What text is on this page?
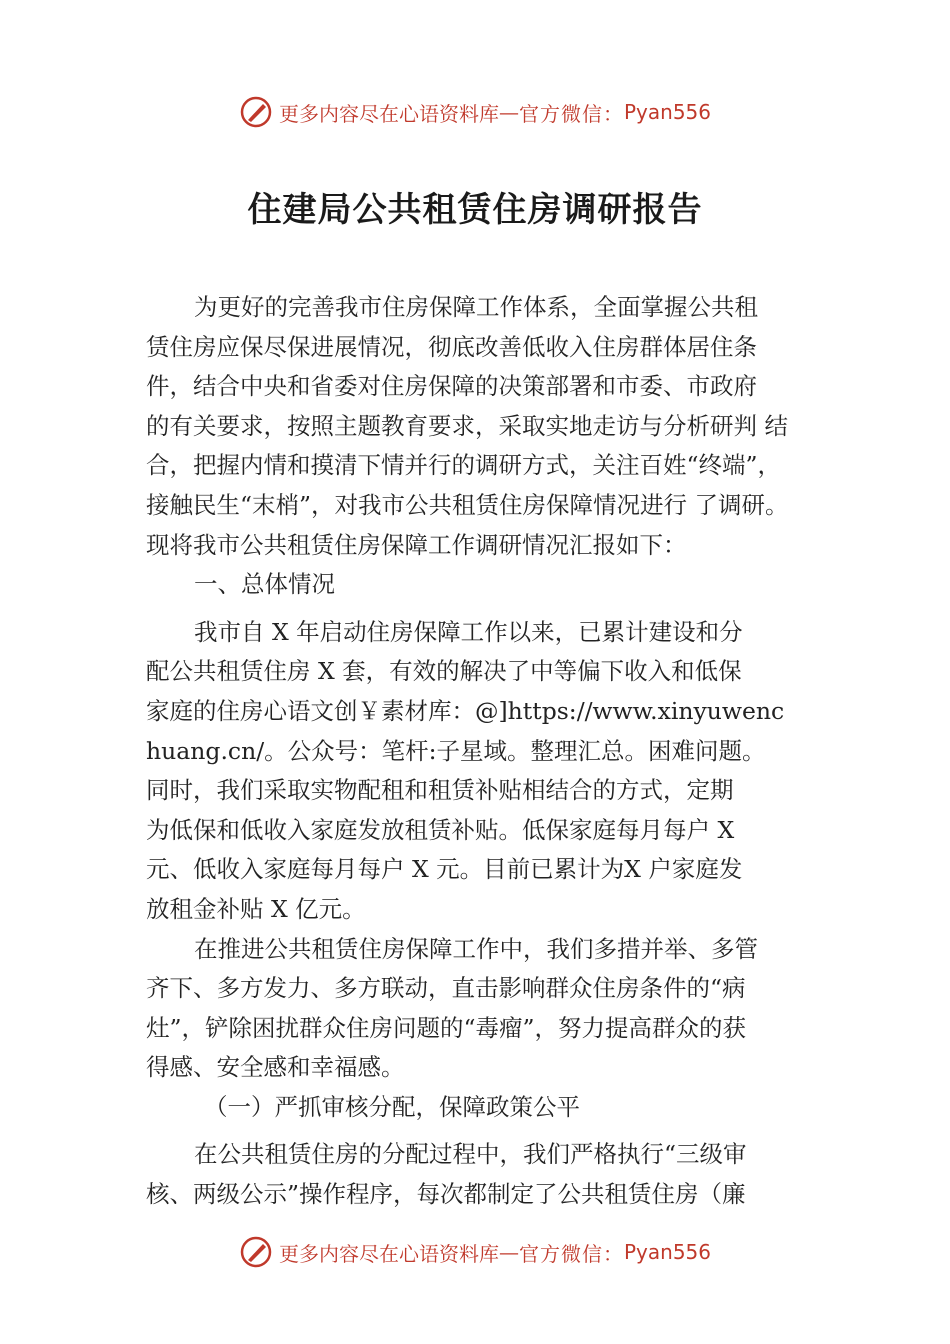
更多内容尽在心语资料库 — 官方微信： Pyan556
住建局公共租赁住房调研报告

为更好的完善我市住房保障工作体系，全面掌握公共租
赁住房应保尽保进展情况，彻底改善低收入住房群体居住条
件，结合中央和省委对住房保障的决策部署和市委、市政府
的有关要求，按照主题教育要求，采取实地走访与分析研判 结
合，把握内情和摸清下情并行的调研方式，关注百姓“终端”，
接触民生“末梢”，对我市公共租赁住房保障情况进行 了调研。
现将我市公共租赁住房保障工作调研情况汇报如下：

一、总体情况

我市自 X 年启动住房保障工作以来，已累计建设和分
配公共租赁住房 X 套，有效的解决了中等偏下收入和低保
家庭的住房心语文创￥素材库：@]https://www.xinyuwenc
huang.cn/。公众号：笔杆:子星域。整理汇总。困难问题。
同时，我们采取实物配租和租赁补贴相结合的方式，定期
为低保和低收入家庭发放租赁补贴。低保家庭每月每户 X
元、低收入家庭每月每户 X 元。目前已累计为X 户家庭发
放租金补贴 X 亿元。

在推进公共租赁住房保障工作中，我们多措并举、多管
齐下、多方发力、多方联动，直击影响群众住房条件的“病
灶”，铲除困扰群众住房问题的“毒瘤”，努力提高群众的获
得感、安全感和幸福感。

（一）严抓审核分配，保障政策公平

在公共租赁住房的分配过程中，我们严格执行“三级审
核、两级公示”操作程序，每次都制定了公共租赁住房（廉

更多内容尽在心语资料库 — 官方微信： Pyan556
